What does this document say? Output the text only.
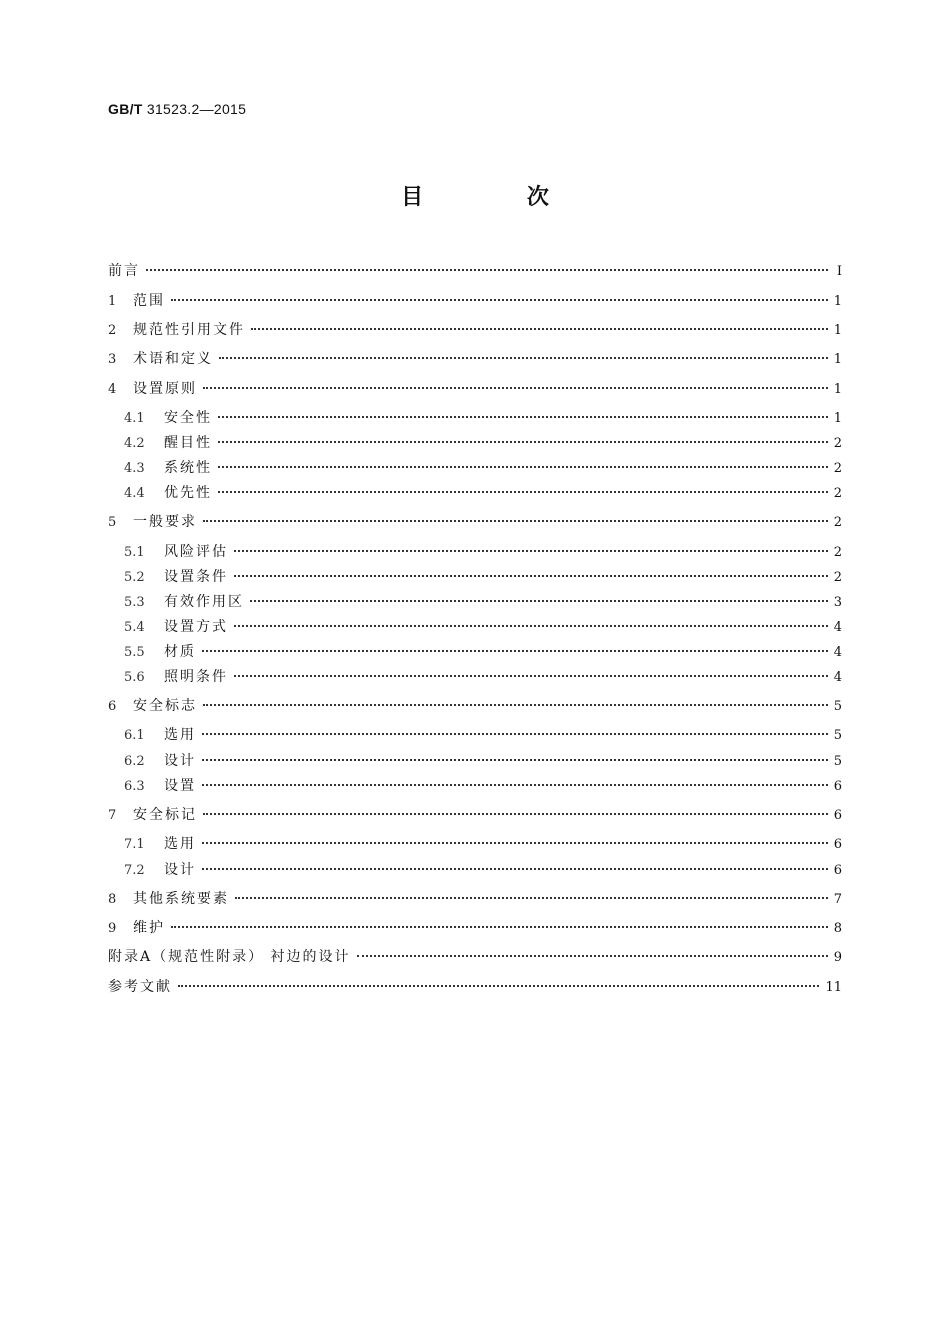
GB/T 31523.2—2015
目 次
前言	Ⅰ
1	范围	1
2	规范性引用文件	1
3	术语和定义	1
4	设置原则	1
4.1	安全性	1
4.2	醒目性	2
4.3	系统性	2
4.4	优先性	2
5	一般要求	2
5.1	风险评估	2
5.2	设置条件	2
5.3	有效作用区	3
5.4	设置方式	4
5.5	材质	4
5.6	照明条件	4
6	安全标志	5
6.1	选用	5
6.2	设计	5
6.3	设置	6
7	安全标记	6
7.1	选用	6
7.2	设计	6
8	其他系统要素	7
9	维护	8
附录A（规范性附录） 衬边的设计	9
参考文献	11
